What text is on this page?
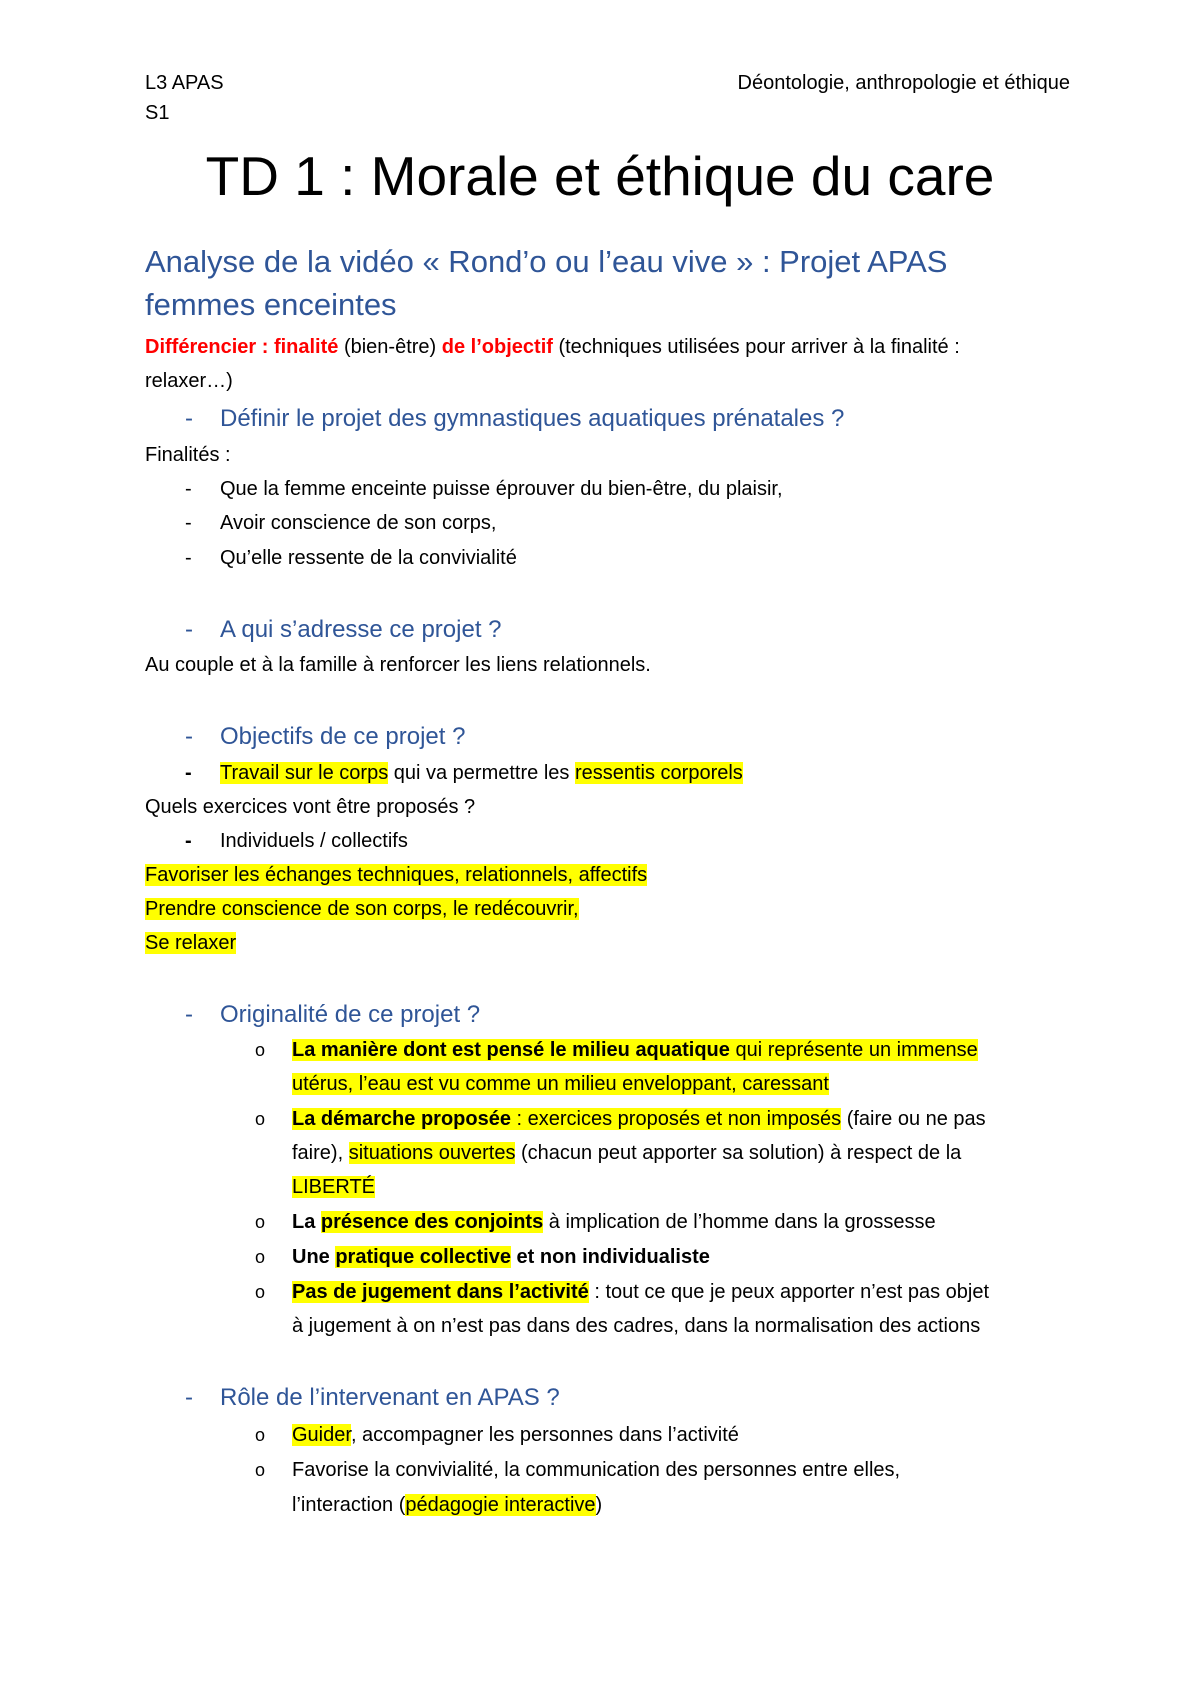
L3 APAS
S1
Déontologie, anthropologie et éthique
TD 1 : Morale et éthique du care
Analyse de la vidéo « Rond’o ou l’eau vive » : Projet APAS femmes enceintes
Différencier : finalité (bien-être) de l’objectif (techniques utilisées pour arriver à la finalité :
relaxer…)
- Définir le projet des gymnastiques aquatiques prénatales ?
Finalités :
- Que la femme enceinte puisse éprouver du bien-être, du plaisir,
- Avoir conscience de son corps,
- Qu’elle ressente de la convivialité
- A qui s’adresse ce projet ?
Au couple et à la famille à renforcer les liens relationnels.
- Objectifs de ce projet ?
- Travail sur le corps qui va permettre les ressentis corporels
Quels exercices vont être proposés ?
- Individuels / collectifs
Favoriser les échanges techniques, relationnels, affectifs
Prendre conscience de son corps, le redécouvrir,
Se relaxer
- Originalité de ce projet ?
o La manière dont est pensé le milieu aquatique qui représente un immense
utérus, l’eau est vu comme un milieu enveloppant, caressant
o La démarche proposée : exercices proposés et non imposés (faire ou ne pas
faire), situations ouvertes (chacun peut apporter sa solution) à respect de la
LIBERTÉ
o La présence des conjoints à implication de l’homme dans la grossesse
o Une pratique collective et non individualiste
o Pas de jugement dans l’activité : tout ce que je peux apporter n’est pas objet
à jugement à on n’est pas dans des cadres, dans la normalisation des actions
- Rôle de l’intervenant en APAS ?
o Guider, accompagner les personnes dans l’activité
o Favorise la convivialité, la communication des personnes entre elles,
l’interaction (pédagogie interactive)
